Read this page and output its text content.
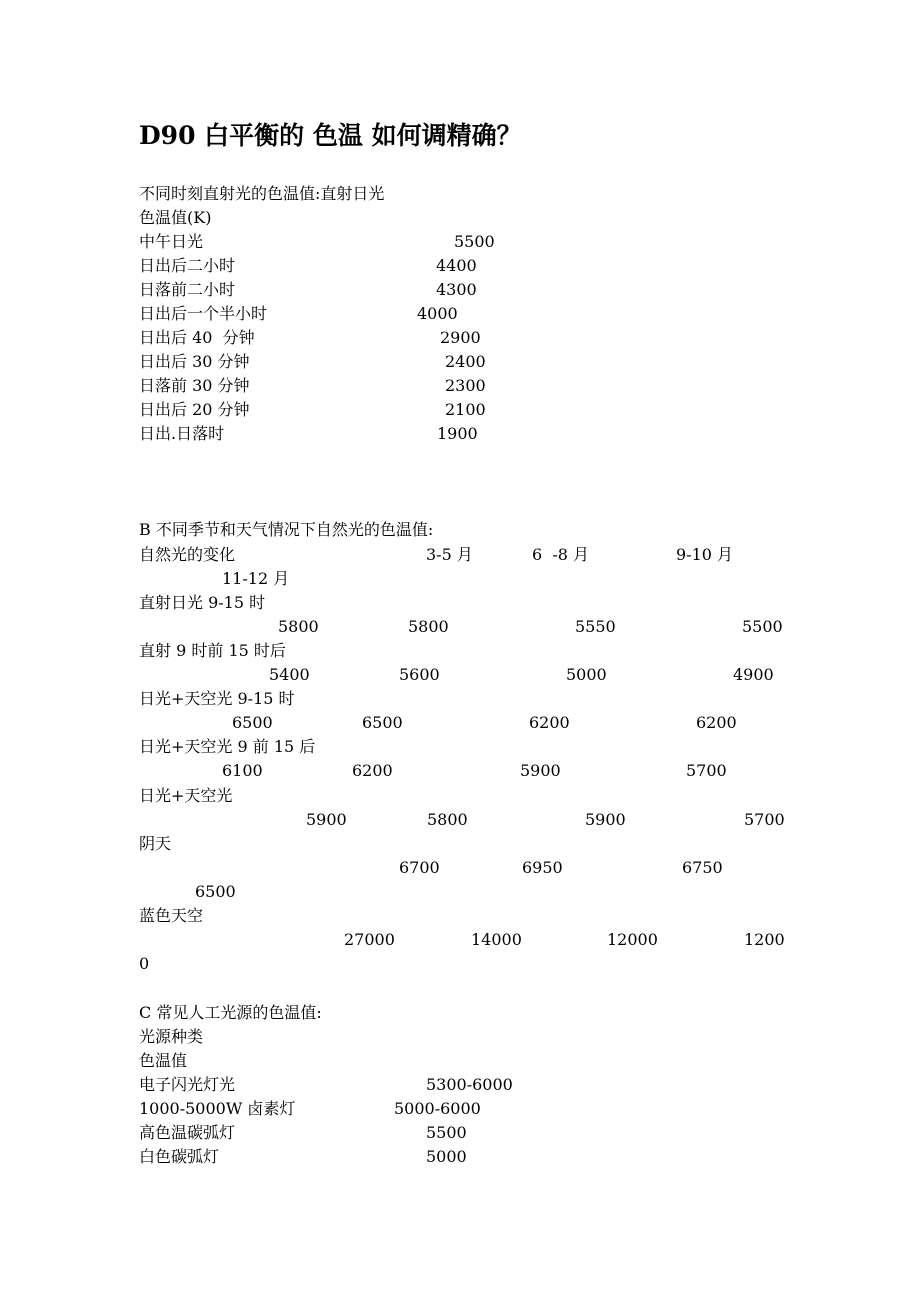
D90 白平衡的 色温 如何调精确？
不同时刻直射光的色温值:直射日光
色温值(K)
中午日光	5500
日出后二小时	4400
日落前二小时	4300
日出后一个半小时	4000
日出后 40  分钟	2900
日出后 30 分钟	2400
日落前 30 分钟	2300
日出后 20 分钟	2100
日出.日落时	1900
B 不同季节和天气情况下自然光的色温值:
自然光的变化	3-5 月	6  -8 月	9-10 月
11-12 月
直射日光 9-15 时
5800	5800	5550	5500
直射 9 时前 15 时后
5400	5600	5000	4900
日光+天空光 9-15 时
6500	6500	6200	6200
日光+天空光 9 前 15 后
6100	6200	5900	5700
日光+天空光
5900	5800	5900	5700
阴天
6700	6950	6750
6500
蓝色天空
27000	14000	12000	1200
0
C 常见人工光源的色温值:
光源种类
色温值
电子闪光灯光	5300-6000
1000-5000W 卤素灯	5000-6000
高色温碳弧灯	5500
白色碳弧灯	5000
